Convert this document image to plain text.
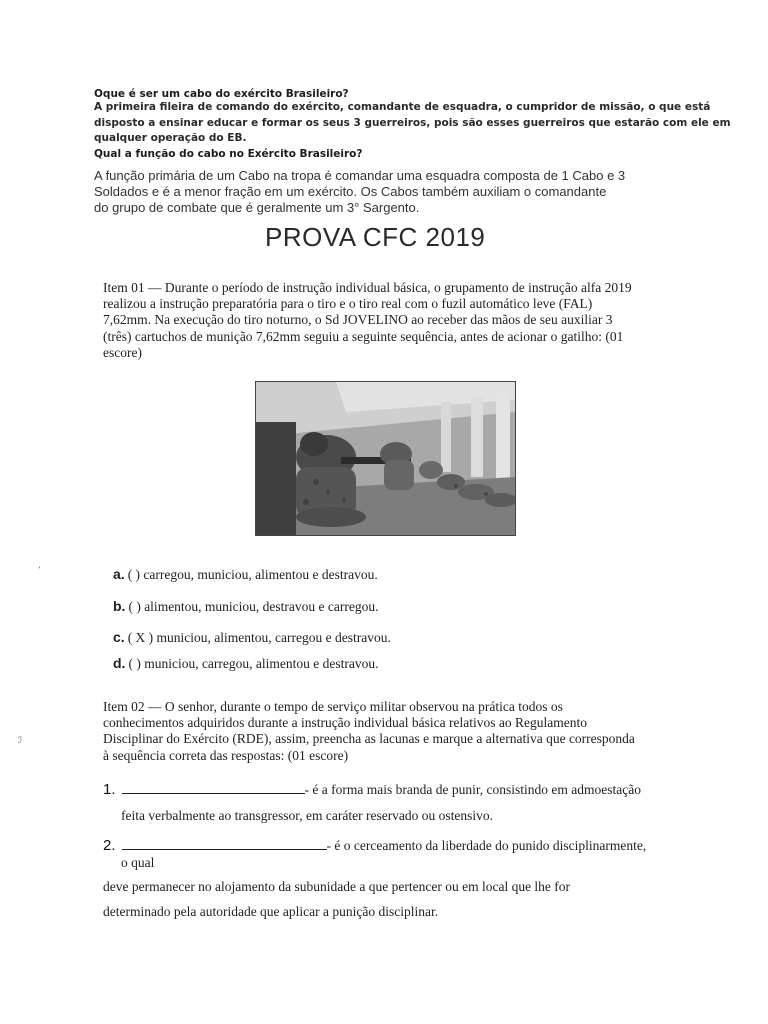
Oque é ser um cabo do exército Brasileiro?
A primeira fileira de comando do exército, comandante de esquadra, o cumpridor de missão, o que está
disposto a ensinar educar e formar os seus 3 guerreiros, pois são esses guerreiros que estarão com ele em
qualquer operação do EB.
Qual a função do cabo no Exército Brasileiro?
A função primária de um Cabo na tropa é comandar uma esquadra composta de 1 Cabo e 3
Soldados e é a menor fração em um exército. Os Cabos também auxiliam o comandante
do grupo de combate que é geralmente um 3° Sargento.
PROVA CFC 2019
Item 01 — Durante o período de instrução individual básica, o grupamento de instrução alfa 2019
realizou a instrução preparatória para o tiro e o tiro real com o fuzil automático leve (FAL)
7,62mm. Na execução do tiro noturno, o Sd JOVELINO ao receber das mãos de seu auxiliar 3
(três) cartuchos de munição 7,62mm seguiu a seguinte sequência, antes de acionar o gatilho: (01
escore)
a. ( ) carregou, municiou, alimentou e destravou.
b. ( ) alimentou, municiou, destravou e carregou.
c. ( X ) municiou, alimentou, carregou e destravou.
d. ( ) municiou, carregou, alimentou e destravou.
ʼ
ℐ
Item 02 — O senhor, durante o tempo de serviço militar observou na prática todos os
conhecimentos adquiridos durante a instrução individual básica relativos ao Regulamento
Disciplinar do Exército (RDE), assim, preencha as lacunas e marque a alternativa que corresponda
à sequência correta das respostas: (01 escore)
1.	- é a forma mais branda de punir, consistindo em admoestação
feita verbalmente ao transgressor, em caráter reservado ou ostensivo.
2.	- é o cerceamento da liberdade do punido disciplinarmente,
o qual
deve permanecer no alojamento da subunidade a que pertencer ou em local que lhe for
determinado pela autoridade que aplicar a punição disciplinar.
